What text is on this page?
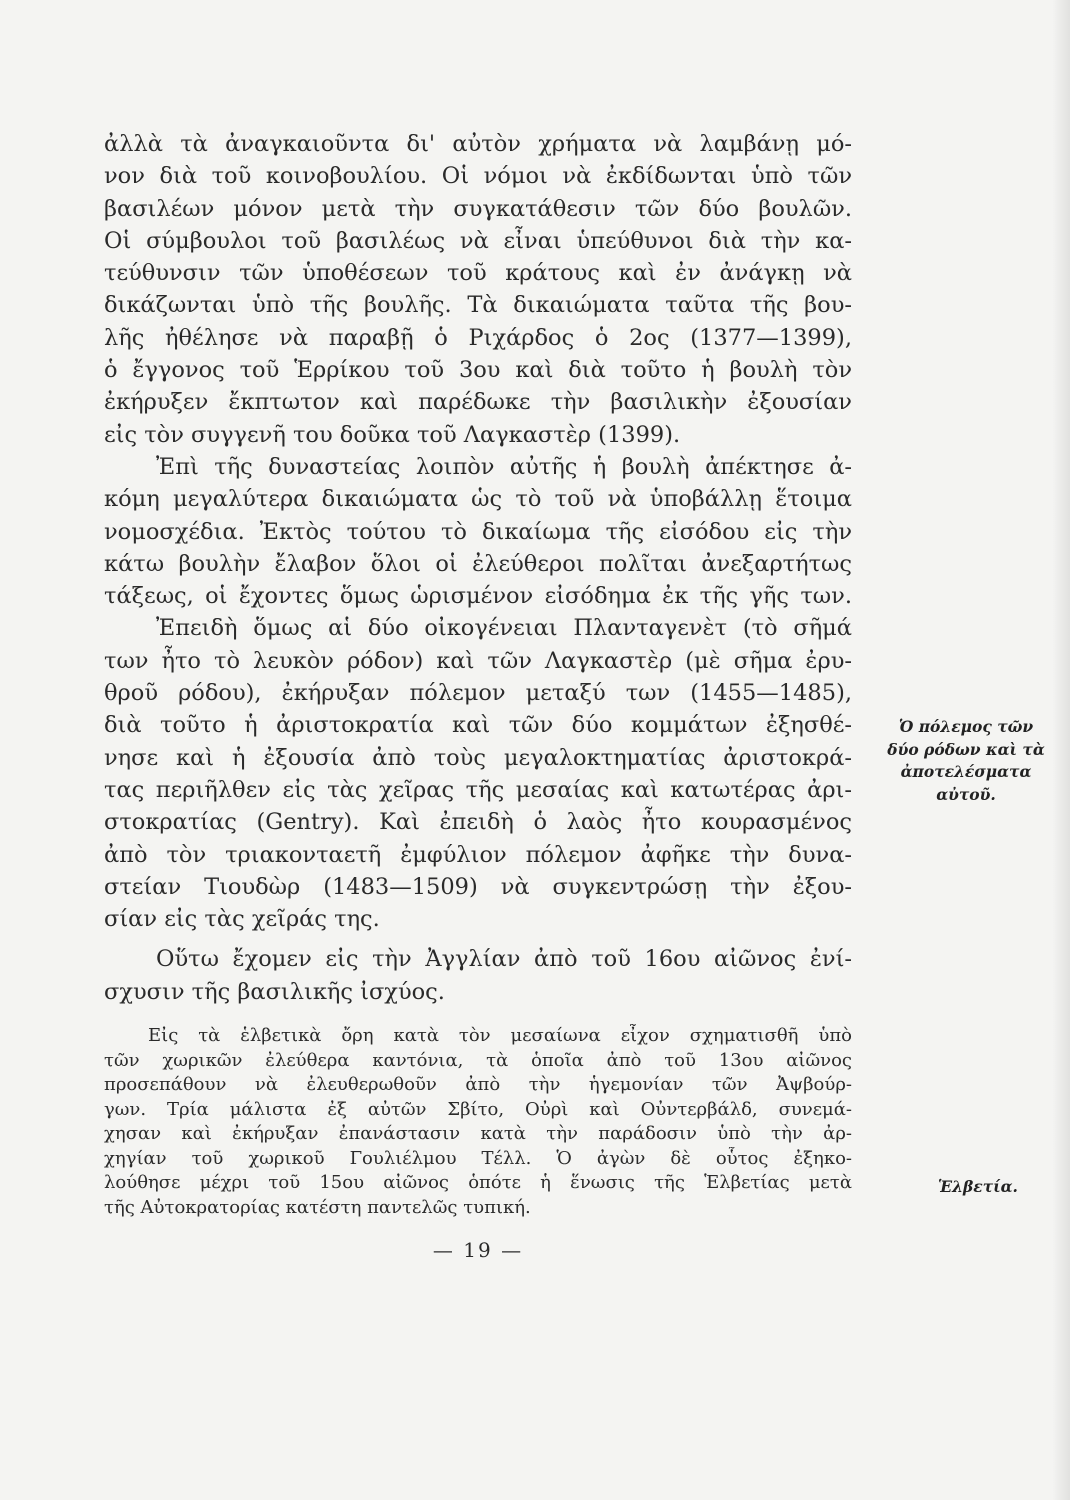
ἀλλὰ τὰ ἀναγκαιοῦντα δι' αὐτὸν χρήματα νὰ λαμβάνῃ μό-
νον διὰ τοῦ κοινοβουλίου. Οἱ νόμοι νὰ ἐκδίδωνται ὑπὸ τῶν
βασιλέων μόνον μετὰ τὴν συγκατάθεσιν τῶν δύο βουλῶν.
Οἱ σύμβουλοι τοῦ βασιλέως νὰ εἶναι ὑπεύθυνοι διὰ τὴν κα-
τεύθυνσιν τῶν ὑποθέσεων τοῦ κράτους καὶ ἐν ἀνάγκῃ νὰ
δικάζωνται ὑπὸ τῆς βουλῆς. Τὰ δικαιώματα ταῦτα τῆς βου-
λῆς ἠθέλησε νὰ παραβῇ ὁ Ριχάρδος ὁ 2ος (1377—1399),
ὁ ἔγγονος τοῦ Ἑρρίκου τοῦ 3ου καὶ διὰ τοῦτο ἡ βουλὴ τὸν
ἐκήρυξεν ἔκπτωτον καὶ παρέδωκε τὴν βασιλικὴν ἐξουσίαν
εἰς τὸν συγγενῆ του δοῦκα τοῦ Λαγκαστὲρ (1399).
Ἐπὶ τῆς δυναστείας λοιπὸν αὐτῆς ἡ βουλὴ ἀπέκτησε ἀ-
κόμη μεγαλύτερα δικαιώματα ὡς τὸ τοῦ νὰ ὑποβάλλῃ ἕτοιμα
νομοσχέδια. Ἐκτὸς τούτου τὸ δικαίωμα τῆς εἰσόδου εἰς τὴν
κάτω βουλὴν ἔλαβον ὅλοι οἱ ἐλεύθεροι πολῖται ἀνεξαρτήτως
τάξεως, οἱ ἔχοντες ὅμως ὡρισμένον εἰσόδημα ἐκ τῆς γῆς των.
Ἐπειδὴ ὅμως αἱ δύο οἰκογένειαι Πλανταγενὲτ (τὸ σῆμά
των ἦτο τὸ λευκὸν ρόδον) καὶ τῶν Λαγκαστὲρ (μὲ σῆμα ἐρυ-
θροῦ ρόδου), ἐκήρυξαν πόλεμον μεταξύ των (1455—1485),
διὰ τοῦτο ἡ ἀριστοκρατία καὶ τῶν δύο κομμάτων ἐξησθέ-
νησε καὶ ἡ ἐξουσία ἀπὸ τοὺς μεγαλοκτηματίας ἀριστοκρά-
τας περιῆλθεν εἰς τὰς χεῖρας τῆς μεσαίας καὶ κατωτέρας ἀρι-
στοκρατίας (Gentry). Καὶ ἐπειδὴ ὁ λαὸς ἦτο κουρασμένος
ἀπὸ τὸν τριακονταετῆ ἐμφύλιον πόλεμον ἀφῆκε τὴν δυνα-
στείαν Τιουδὼρ (1483—1509) νὰ συγκεντρώσῃ τὴν ἐξου-
σίαν εἰς τὰς χεῖράς της.
Οὕτω ἔχομεν εἰς τὴν Ἀγγλίαν ἀπὸ τοῦ 16ου αἰῶνος ἐνί-
σχυσιν τῆς βασιλικῆς ἰσχύος.
Εἰς τὰ ἑλβετικὰ ὄρη κατὰ τὸν μεσαίωνα εἶχον σχηματισθῆ ὑπὸ
τῶν χωρικῶν ἐλεύθερα καντόνια, τὰ ὁποῖα ἀπὸ τοῦ 13ου αἰῶνος
προσεπάθουν νὰ ἐλευθερωθοῦν ἀπὸ τὴν ἡγεμονίαν τῶν Ἀψβούρ-
γων. Τρία μάλιστα ἐξ αὐτῶν Σβίτο, Οὐρὶ καὶ Οὐντερβάλδ, συνεμά-
χησαν καὶ ἐκήρυξαν ἐπανάστασιν κατὰ τὴν παράδοσιν ὑπὸ τὴν ἀρ-
χηγίαν τοῦ χωρικοῦ Γουλιέλμου Τέλλ. Ὁ ἀγὼν δὲ οὗτος ἐξηκο-
λούθησε μέχρι τοῦ 15ου αἰῶνος ὁπότε ἡ ἕνωσις τῆς Ἑλβετίας μετὰ
τῆς Αὐτοκρατορίας κατέστη παντελῶς τυπική.
— 19 —
Ὁ πόλεμος τῶν
δύο ρόδων καὶ τὰ
ἀποτελέσματα
αὐτοῦ.
Ἑλβετία.
